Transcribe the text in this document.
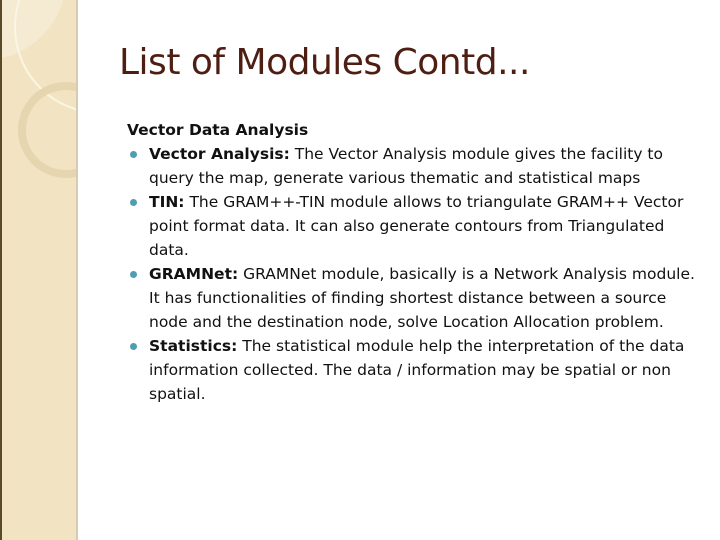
List of Modules Contd...
Vector Data Analysis
Vector Analysis: The Vector Analysis module gives the facility to query the map, generate various thematic and statistical maps
TIN: The GRAM++-TIN module allows to triangulate GRAM++ Vector point format data. It can also generate contours from Triangulated data.
GRAMNet: GRAMNet module, basically is a Network Analysis module. It has functionalities of finding shortest distance between a source node and the destination node, solve Location Allocation problem.
Statistics: The statistical module help the interpretation of the data information collected. The data / information may be spatial or non spatial.
